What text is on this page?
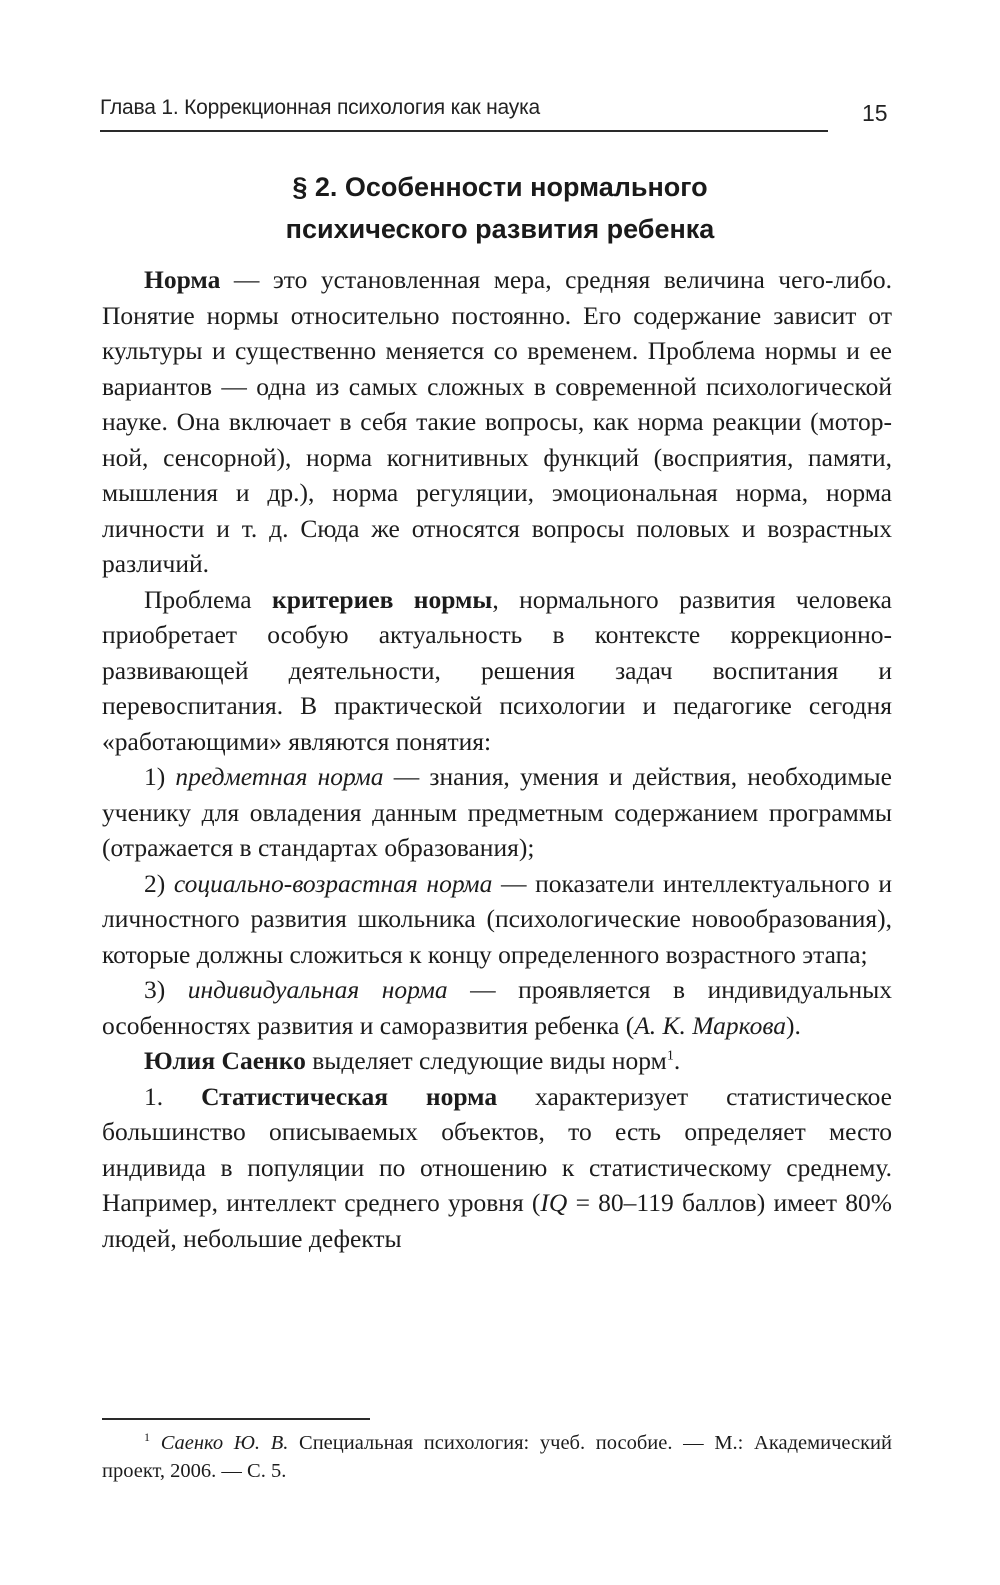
Глава 1. Коррекционная психология как наука	15
§ 2. Особенности нормального
психического развития ребенка

Норма — это установленная мера, средняя величина чего-либо. Понятие нормы относительно постоянно. Его содержание зависит от культуры и существенно меняется со временем. Проблема нормы и ее вариантов — одна из самых сложных в современной психологической науке. Она включает в себя такие вопросы, как норма реакции (моторной, сенсорной), норма когнитивных функций (восприятия, памяти, мышления и др.), норма регуляции, эмоциональная норма, норма личности и т. д. Сюда же относятся вопросы половых и возрастных различий.

Проблема критериев нормы, нормального развития человека приобретает особую актуальность в контексте коррекционно-развивающей деятельности, решения задач воспитания и перевоспитания. В практической психологии и педагогике сегодня «работающими» являются понятия:

1) предметная норма — знания, умения и действия, необходимые ученику для овладения данным предметным содержанием программы (отражается в стандартах образования);

2) социально-возрастная норма — показатели интеллектуального и личностного развития школьника (психологические новообразования), которые должны сложиться к концу определенного возрастного этапа;

3) индивидуальная норма — проявляется в индивидуальных особенностях развития и саморазвития ребенка (А. К. Маркова).

Юлия Саенко выделяет следующие виды норм$^1$.

1. Статистическая норма характеризует статистическое большинство описываемых объектов, то есть определяет место индивида в популяции по отношению к статистическому среднему. Например, интеллект среднего уровня (IQ = 80–119 баллов) имеет 80% людей, небольшие дефекты

$^1$ Саенко Ю. В. Специальная психология: учеб. пособие. — М.: Академический проект, 2006. — С. 5.
